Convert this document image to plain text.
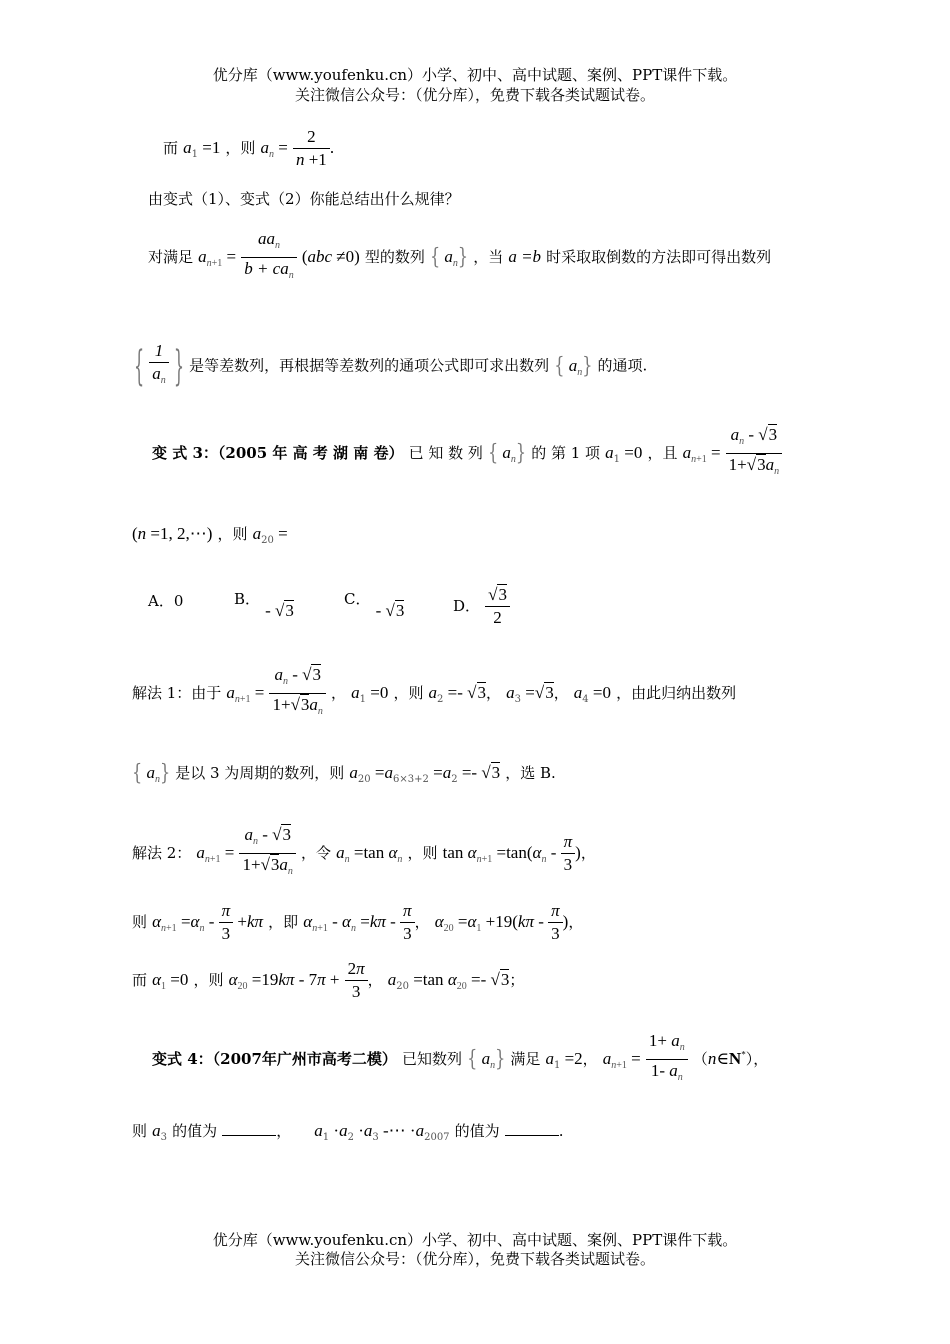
优分库（www.youfenku.cn）小学、初中、高中试题、案例、PPT课件下载。
关注微信公众号：（优分库），免费下载各类试题试卷。
而 $a_1 =1$ ，则 $a_n = \frac{2}{n +1}$ .
由变式（1）、变式（2）你能总结出什么规律？
对满足 $a_{n+1} = \frac{aa_n}{b + ca_n} (abc \ne 0)$ 型的数列 { $a_n$} ，当 a =b 时采取取倒数的方法即可得出数列
{ $\frac{1}{a_n}$ } 是等差数列，再根据等差数列的通项公式即可求出数列 { $a_n$} 的通项.
变 式 3：（2005 年 高 考 湖 南 卷） 已 知 数 列 { $a_n$} 的 第 1 项 $a_1 =0$ ，且 $a_{n+1} = \frac{a_n - √3}{1+√3a_n}$
(n =1, 2,⋯) ，则 $a_{20}$ =
A．0	B． - √3
C． - √3	D． $\frac{√3}{2}$
解法 1：由于 $a_{n+1} = \frac{a_n - √3}{1+√3a_n}$ ， $a_1 =0$ ，则 $a_2 =- √3$， $a_3 =√3$， $a_4 =0$ ，由此归纳出数列
{ $a_n$} 是以 3 为周期的数列，则 $a_{20} =a_{6\times 3+2} =a_2 =- √3$ ，选 B.
解法 2： $a_{n+1} = \frac{a_n - √3}{1+√3a_n}$ ，令 $a_n =\tan$ $\alpha_n$ ，则 $\tan \alpha_{n+1} =\tan(\alpha_n - \frac{\pi}{3}$ )，
则 $\alpha_{n+1} =\alpha_n - \frac{\pi}{3} +k\pi$ ，即 $\alpha_{n+1} - \alpha_n =k\pi - \frac{\pi}{3}$ ， $\alpha_{20} =\alpha_1 +19(k\pi - \frac{\pi}{3}$ )，
而 $\alpha_1 =0$ ，则 $\alpha_{20} =19k\pi - 7\pi + \frac{2\pi}{3}$ ， $a_{20} =\tan$ $\alpha_{20} =- √3$；
变式 4：（2007年广州市高考二模） 已知数列 { $a_n$} 满足 $a_1 =2$， $a_{n+1} = \frac{1+ a_n}{1- a_n}$ （n∈N*），
则 $a_3$ 的值为	， $a_1 \cdot a_2 \cdot a_3$ -⋯ $\cdot a_{2007}$ 的值为	.
优分库（www.youfenku.cn）小学、初中、高中试题、案例、PPT课件下载。
关注微信公众号：（优分库），免费下载各类试题试卷。
